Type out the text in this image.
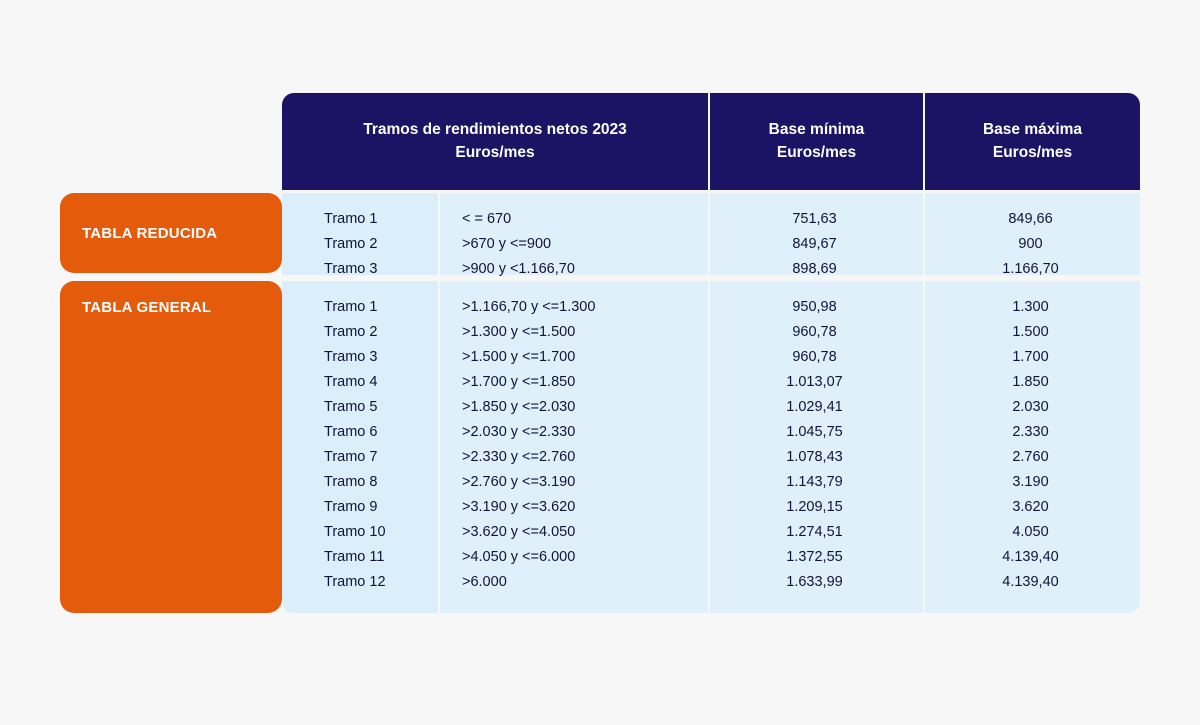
Tramos de rendimientos netos 2023
Euros/mes
Base mínima
Euros/mes
Base máxima
Euros/mes
TABLA REDUCIDA
TABLA GENERAL
Tramo 1
Tramo 2
Tramo 3
< = 670
>670 y <=900
>900 y <1.166,70
751,63
849,67
898,69
849,66
900
1.166,70
Tramo 1
Tramo 2
Tramo 3
Tramo 4
Tramo 5
Tramo 6
Tramo 7
Tramo 8
Tramo 9
Tramo 10
Tramo 11
Tramo 12
>1.166,70 y <=1.300
>1.300 y <=1.500
>1.500 y <=1.700
>1.700 y <=1.850
>1.850 y <=2.030
>2.030 y <=2.330
>2.330 y <=2.760
>2.760 y <=3.190
>3.190 y <=3.620
>3.620 y <=4.050
>4.050 y <=6.000
>6.000
950,98
960,78
960,78
1.013,07
1.029,41
1.045,75
1.078,43
1.143,79
1.209,15
1.274,51
1.372,55
1.633,99
1.300
1.500
1.700
1.850
2.030
2.330
2.760
3.190
3.620
4.050
4.139,40
4.139,40
